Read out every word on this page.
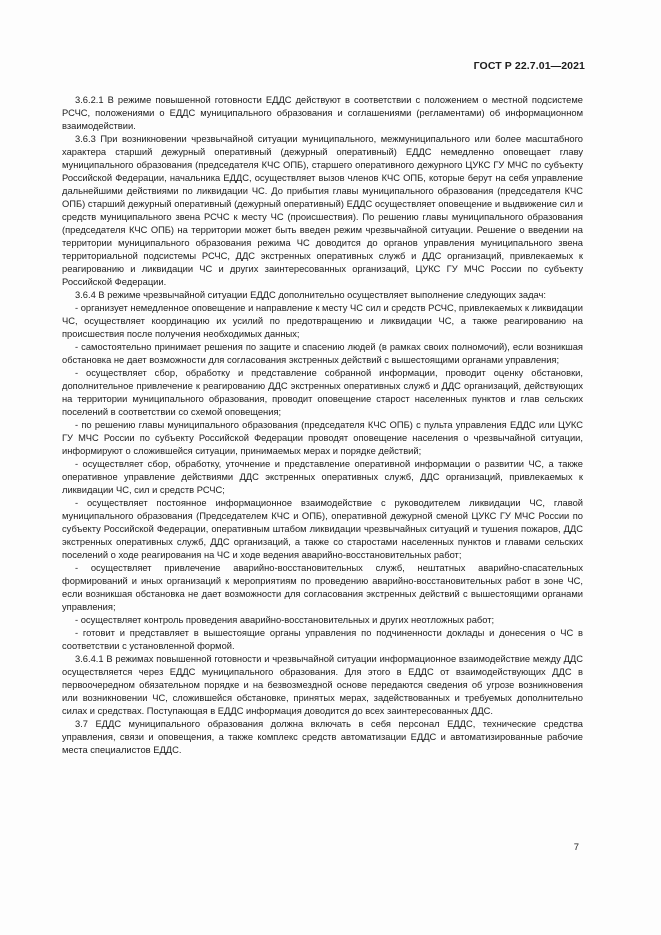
ГОСТ Р 22.7.01—2021

3.6.2.1 В режиме повышенной готовности ЕДДС действуют в соответствии с положением о местной подсистеме РСЧС, положениями о ЕДДС муниципального образования и соглашениями (регламентами) об информационном взаимодействии.

3.6.3 При возникновении чрезвычайной ситуации муниципального, межмуниципального или более масштабного характера старший дежурный оперативный (дежурный оперативный) ЕДДС немедленно оповещает главу муниципального образования (председателя КЧС ОПБ), старшего оперативного дежурного ЦУКС ГУ МЧС по субъекту Российской Федерации, начальника ЕДДС, осуществляет вызов членов КЧС ОПБ, которые берут на себя управление дальнейшими действиями по ликвидации ЧС. До прибытия главы муниципального образования (председателя КЧС ОПБ) старший дежурный оперативный (дежурный оперативный) ЕДДС осуществляет оповещение и выдвижение сил и средств муниципального звена РСЧС к месту ЧС (происшествия). По решению главы муниципального образования (председателя КЧС ОПБ) на территории может быть введен режим чрезвычайной ситуации. Решение о введении на территории муниципального образования режима ЧС доводится до органов управления муниципального звена территориальной подсистемы РСЧС, ДДС экстренных оперативных служб и ДДС организаций, привлекаемых к реагированию и ликвидации ЧС и других заинтересованных организаций, ЦУКС ГУ МЧС России по субъекту Российской Федерации.

3.6.4 В режиме чрезвычайной ситуации ЕДДС дополнительно осуществляет выполнение следующих задач:

- организует немедленное оповещение и направление к месту ЧС сил и средств РСЧС, привлекаемых к ликвидации ЧС, осуществляет координацию их усилий по предотвращению и ликвидации ЧС, а также реагированию на происшествия после получения необходимых данных;

- самостоятельно принимает решения по защите и спасению людей (в рамках своих полномочий), если возникшая обстановка не дает возможности для согласования экстренных действий с вышестоящими органами управления;

- осуществляет сбор, обработку и представление собранной информации, проводит оценку обстановки, дополнительное привлечение к реагированию ДДС экстренных оперативных служб и ДДС организаций, действующих на территории муниципального образования, проводит оповещение старост населенных пунктов и глав сельских поселений в соответствии со схемой оповещения;

- по решению главы муниципального образования (председателя КЧС ОПБ) с пульта управления ЕДДС или ЦУКС ГУ МЧС России по субъекту Российской Федерации проводят оповещение населения о чрезвычайной ситуации, информируют о сложившейся ситуации, принимаемых мерах и порядке действий;

- осуществляет сбор, обработку, уточнение и представление оперативной информации о развитии ЧС, а также оперативное управление действиями ДДС экстренных оперативных служб, ДДС организаций, привлекаемых к ликвидации ЧС, сил и средств РСЧС;

- осуществляет постоянное информационное взаимодействие с руководителем ликвидации ЧС, главой муниципального образования (Председателем КЧС и ОПБ), оперативной дежурной сменой ЦУКС ГУ МЧС России по субъекту Российской Федерации, оперативным штабом ликвидации чрезвычайных ситуаций и тушения пожаров, ДДС экстренных оперативных служб, ДДС организаций, а также со старостами населенных пунктов и главами сельских поселений о ходе реагирования на ЧС и ходе ведения аварийно-восстановительных работ;

- осуществляет привлечение аварийно-восстановительных служб, нештатных аварийно-спасательных формирований и иных организаций к мероприятиям по проведению аварийно-восстановительных работ в зоне ЧС, если возникшая обстановка не дает возможности для согласования экстренных действий с вышестоящими органами управления;

- осуществляет контроль проведения аварийно-восстановительных и других неотложных работ;

- готовит и представляет в вышестоящие органы управления по подчиненности доклады и донесения о ЧС в соответствии с установленной формой.

3.6.4.1 В режимах повышенной готовности и чрезвычайной ситуации информационное взаимодействие между ДДС осуществляется через ЕДДС муниципального образования. Для этого в ЕДДС от взаимодействующих ДДС в первоочередном обязательном порядке и на безвозмездной основе передаются сведения об угрозе возникновения или возникновении ЧС, сложившейся обстановке, принятых мерах, задействованных и требуемых дополнительно силах и средствах. Поступающая в ЕДДС информация доводится до всех заинтересованных ДДС.

3.7 ЕДДС муниципального образования должна включать в себя персонал ЕДДС, технические средства управления, связи и оповещения, а также комплекс средств автоматизации ЕДДС и автоматизированные рабочие места специалистов ЕДДС.

7
